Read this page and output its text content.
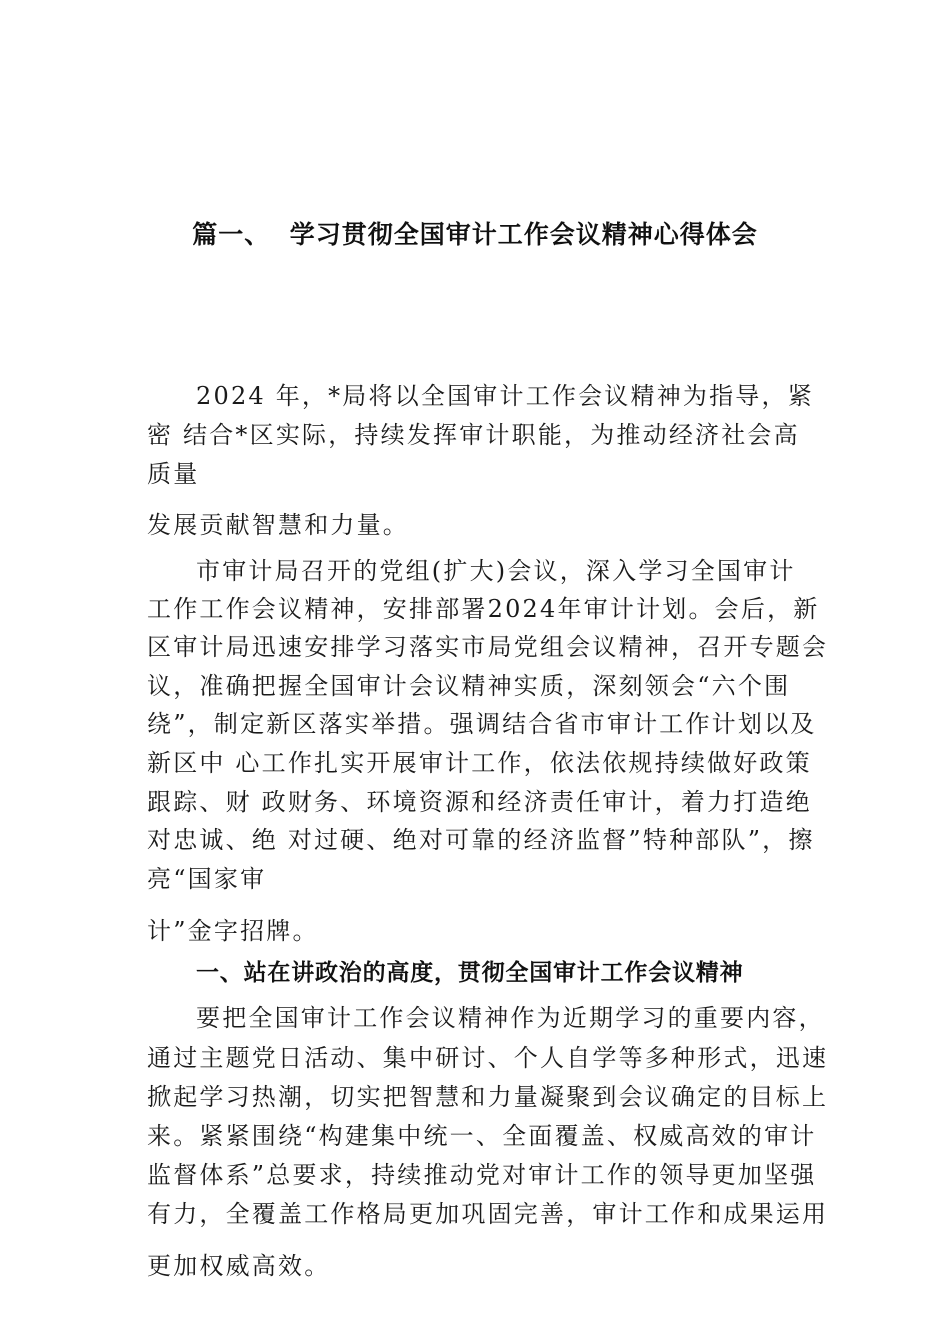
篇一、  学习贯彻全国审计工作会议精神心得体会
2024 年，*局将以全国审计工作会议精神为指导，紧
密 结合*区实际，持续发挥审计职能，为推动经济社会高
质量
发展贡献智慧和力量。
市审计局召开的党组(扩大)会议，深入学习全国审计
工作工作会议精神，安排部署2024年审计计划。会后，新
区审计局迅速安排学习落实市局党组会议精神，召开专题会
议，准确把握全国审计会议精神实质，深刻领会“六个围
绕”，制定新区落实举措。强调结合省市审计工作计划以及
新区中 心工作扎实开展审计工作，依法依规持续做好政策
跟踪、财 政财务、环境资源和经济责任审计，着力打造绝
对忠诚、绝 对过硬、绝对可靠的经济监督”特种部队”，擦
亮“国家审
计”金字招牌。
一、站在讲政治的高度，贯彻全国审计工作会议精神
要把全国审计工作会议精神作为近期学习的重要内容，
通过主题党日活动、集中研讨、个人自学等多种形式，迅速
掀起学习热潮，切实把智慧和力量凝聚到会议确定的目标上
来。紧紧围绕“构建集中统一、全面覆盖、权威高效的审计
监督体系”总要求，持续推动党对审计工作的领导更加坚强
有力，全覆盖工作格局更加巩固完善，审计工作和成果运用
更加权威高效。
